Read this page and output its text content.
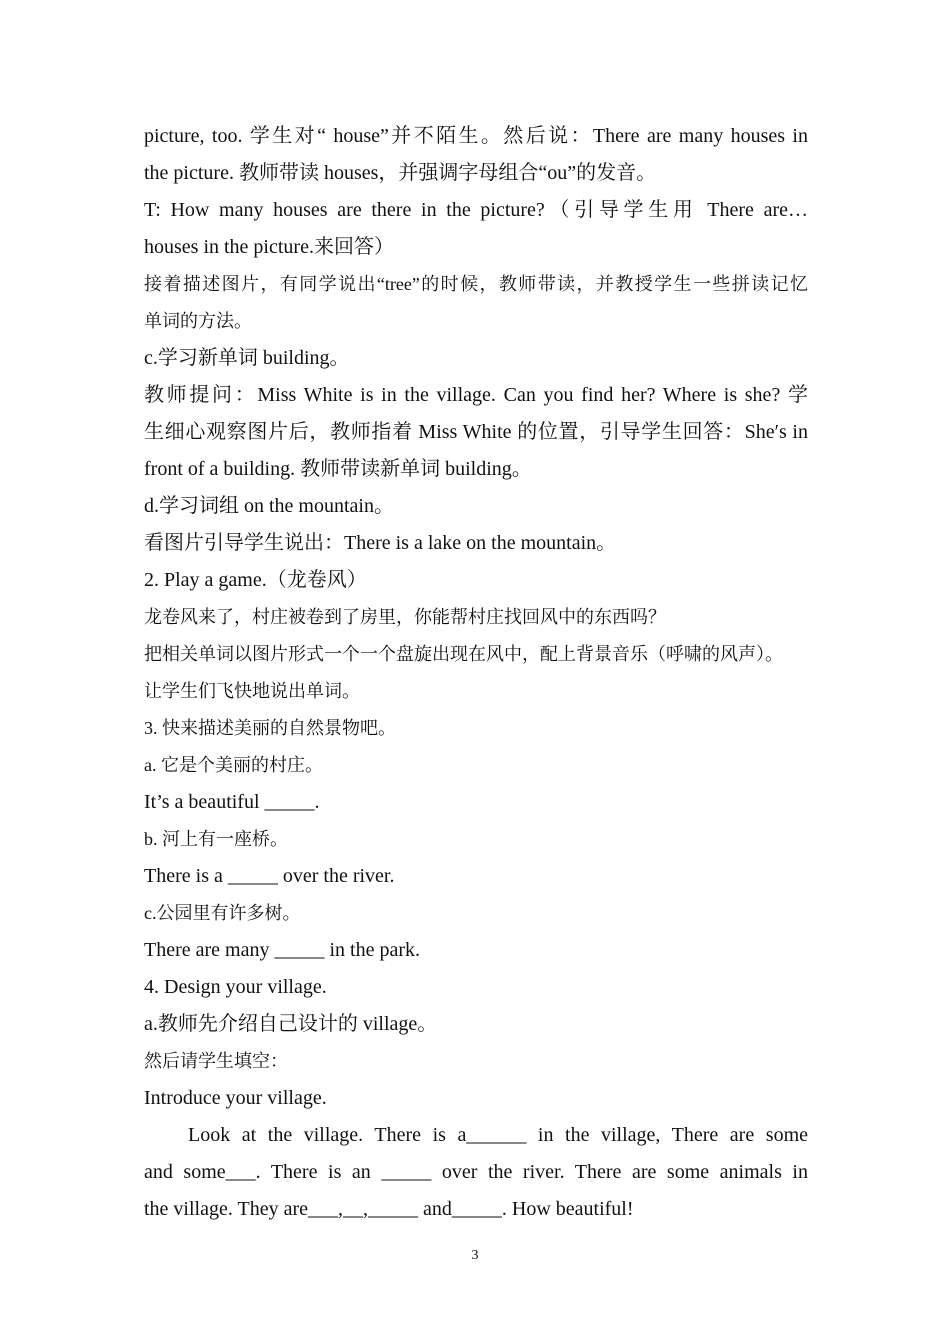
picture, too. 学生对“ house”并不陌生。然后说：There are many houses in
the picture. 教师带读 houses，并强调字母组合“ou”的发音。
T: How many houses are there in the picture?（引导学生用 There are…
houses in the picture.来回答）
接着描述图片，有同学说出“tree”的时候，教师带读，并教授学生一些拼读记忆
单词的方法。
c.学习新单词 building。
教师提问：Miss White is in the village. Can you find her? Where is she? 学
生细心观察图片后，教师指着 Miss White 的位置，引导学生回答：She′s in
front of a building. 教师带读新单词 building。
d.学习词组 on the mountain。
看图片引导学生说出：There is a lake on the mountain。
2. Play a game.（龙卷风）
龙卷风来了，村庄被卷到了房里，你能帮村庄找回风中的东西吗？
把相关单词以图片形式一个一个盘旋出现在风中，配上背景音乐（呼啸的风声）。
让学生们飞快地说出单词。
3. 快来描述美丽的自然景物吧。
a. 它是个美丽的村庄。
It’s a beautiful _____.
b. 河上有一座桥。
There is a _____ over the river.
c.公园里有许多树。
There are many _____ in the park.
4. Design your village.
a.教师先介绍自己设计的 village。
然后请学生填空：
Introduce your village.
Look at the village. There is a______ in the village, There are some
and some___. There is an _____ over the river. There are some animals in
the village. They are___,__,_____ and_____. How beautiful!
3
